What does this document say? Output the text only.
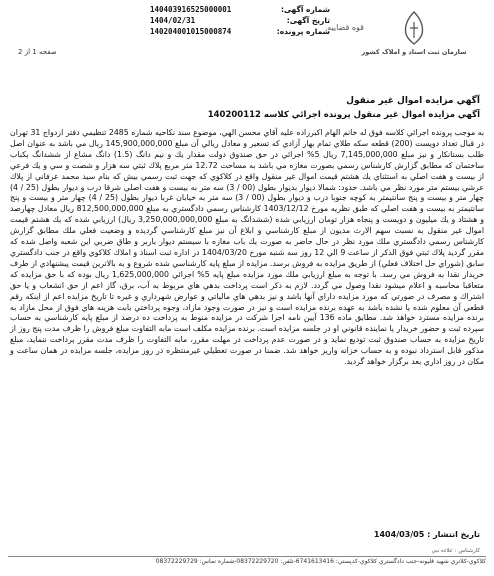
شماره آگهی:
140403916525000001
تاریخ آگهی:
1404/02/31
شماره پرونده:
140204001015000874	قوه قضاییه
سازمان ثبت اسناد و املاک کشور
صفحه 1 از 2
آگهي مزايده اموال غير منقول
آگهي مزايده اموال غير منقول پرونده اجرائي كلاسه 140200112
به موجب پرونده اجرائي كلاسه فوق له خانم الهام اكبرزاده عليه آقاي محسن الهي، موضوع سند نكاحيه شماره 2485 تنظيمي دفتر ازدواج 31 تهران در قبال تعداد دويست (200) قطعه سكه طلاي تمام بهار آزادي كه تسعير و معادل ريالي آن مبلغ 145,900,000,000 ريال مي باشد به عنوان اصل طلب بستانكار و نيز مبلغ 7,145,000,000 ريال 5% اجرائي در حق صندوق دولت مقدار يك و نيم دانگ (1.5) دانگ مشاع از ششدانگ يكباب ساختمان كه مطابق گزارش كارشناس رسمي بصورت مغازه مي باشد به مساحت 12.72 متر مربع پلاك ثبتي سه هزار و شصت و سي و يك فرعي از بيست و هفت اصلي به استثناي يك هشتم قيمت اموال غير منقول واقع در كلاكوي كه جهت ثبت رسمي بيش كه بنام سيد محمد عرفاني از پلاك عرشي بيستم متر مورد نظر مي باشد. حدود: شمالا ديوار بديوار بطول (00 / 3) سه متر به بيست و هفت اصلي شرقا درب و ديوار بطول (25 / 4) چهار متر و بيست و پنج سانتيمتر به كوچه جنوبا درب و ديوار بطول (00 / 3) سه متر به خيابان غربا ديوار بطول (25 / 4) چهار متر و بيست و پنج سانتيمتر به بيست و هفت اصلي كه طبق نظريه مورخ 1403/12/12 كارشناس رسمي دادگستري به مبلغ 812,500,000,000 ريال معادل چهارصد و هشتاد و يك ميليون و دويست و پنجاه هزار تومان ارزيابي شده (ششدانگ به مبلغ 3,250,000,000,000 ريال) ارزيابي شده كه يك هشتم قيمت اموال غير منقول به نسبت سهم الارث مديون از مبلغ كارشناسي و ابلاغ آن نيز مبلغ كارشناسي گرديده و وضعيت فعلي ملك مطابق گزارش كارشناس رسمي دادگستري ملك مورد نظر در حال حاضر به صورت يك باب مغازه با سيستم ديوار باربر و طاق ضربي اين شعبه واصل شده كه مقرر گرديد پلاك ثبتي فوق الذكر از ساعت 9 الي 12 روز سه شنبه مورخ 1404/03/20 در اداره ثبت اسناد و املاك كلاكوي واقع در جنب دادگستري سابق (شوراي حل اختلاف فعلي) از طريق مزايده به فروش برسد. مزايده از مبلغ پايه كارشناسي شده شروع و به بالاترين قيمت پيشنهادي از طرف خريدار نقدا به فروش مي رسد. با توجه به مبلغ ارزيابي ملك مورد مزايده مبلغ پايه 5% اجرائي 1,625,000,000 ريال بوده كه با حق مزايده كه متعاقبا محاسبه و اعلام ميشود نقدا وصول مي گردد. لازم به ذكر است پرداخت بدهي هاي مربوط به آب، برق، گاز اعم از حق انشعاب و يا حق اشتراك و مصرف در صورتي كه مورد مزايده داراي آنها باشد و نيز بدهي هاي مالياتي و عوارض شهرداري و غيره تا تاريخ مزايده اعم از اينكه رقم قطعي آن معلوم شده يا نشده باشد به عهده برنده مزايده است و نيز در صورت وجود مازاد، وجوه پرداختي بابت هزينه هاي فوق از محل مازاد به برنده مزايده مسترد خواهد شد. مطابق ماده 136 آيين نامه اجرا شركت در مزايده منوط به پرداخت ده درصد از مبلغ پايه كارشناسي به حساب سپرده ثبت و حضور خريدار يا نماينده قانوني او در جلسه مزايده است. برنده مزايده مكلف است مابه التفاوت مبلغ فروش را ظرف مدت پنج روز از تاريخ مزايده به حساب صندوق ثبت توديع نمايد و در صورت عدم پرداخت در مهلت مقرر، مابه التفاوت را ظرف مدت مقرر پرداخت ننمايد، مبلغ مذكور قابل استرداد نبوده و به حساب خزانه واريز خواهد شد. ضمنا در صورت تعطيلي غيرمنتظره در روز مزايده، جلسه مزايده در همان ساعت و مكان در روز اداري بعد برگزار خواهد گرديد.
تاريخ انتشار : 1404/03/05
كارشناس : علاءه نبي
كلاكوي-كلاتري شهيد قليونه-جنب دادگستري كلاكوي-كدپستي: 6741613416-تلفن: 08372229720-شماره تماس: 08372229729
